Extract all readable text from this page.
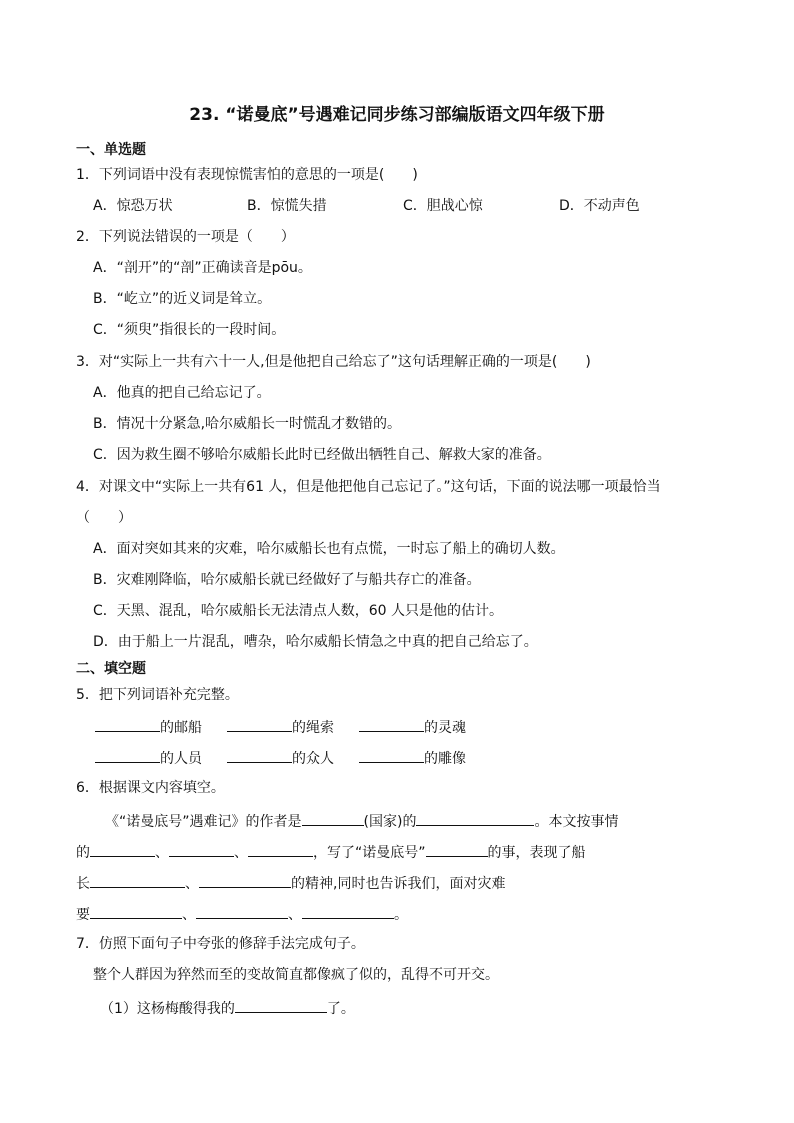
23. “诺曼底”号遇难记同步练习部编版语文四年级下册
一、单选题
1．下列词语中没有表现惊慌害怕的意思的一项是(　　)
A．惊恐万状	B．惊慌失措	C．胆战心惊	D．不动声色
2．下列说法错误的一项是（　　）
A．“剖开”的“剖”正确读音是pōu。
B．“屹立”的近义词是耸立。
C．“须臾”指很长的一段时间。
3．对“实际上一共有六十一人,但是他把自己给忘了”这句话理解正确的一项是(　　)
A．他真的把自己给忘记了。
B．情况十分紧急,哈尔威船长一时慌乱才数错的。
C．因为救生圈不够哈尔威船长此时已经做出牺牲自己、解救大家的准备。
4．对课文中“实际上一共有61 人，但是他把他自己忘记了。”这句话，下面的说法哪一项最恰当
（　　）
A．面对突如其来的灾难，哈尔威船长也有点慌，一时忘了船上的确切人数。
B．灾难刚降临，哈尔威船长就已经做好了与船共存亡的准备。
C．天黑、混乱，哈尔威船长无法清点人数，60 人只是他的估计。
D．由于船上一片混乱，嘈杂，哈尔威船长情急之中真的把自己给忘了。
二、填空题
5．把下列词语补充完整。
的邮船	的绳索	的灵魂
的人员	的众人	的雕像
6．根据课文内容填空。
《“诺曼底号”遇难记》的作者是	(国家)的	。本文按事情
的	、	、	，写了“诺曼底号”	的事，表现了船
长	、	的精神,同时也告诉我们，面对灾难
要	、	、	。
7．仿照下面句子中夸张的修辞手法完成句子。
整个人群因为猝然而至的变故简直都像疯了似的，乱得不可开交。
（1）这杨梅酸得我的	了。
